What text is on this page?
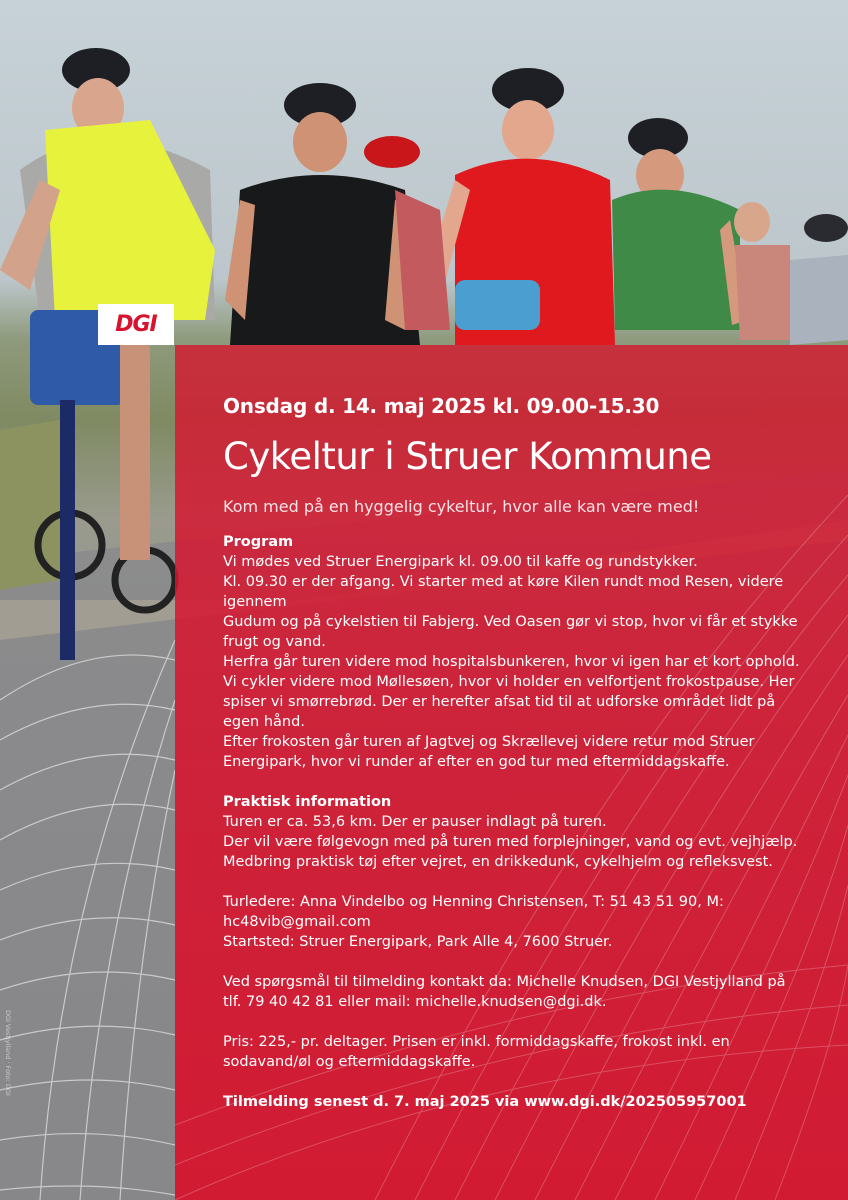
DGI

Onsdag d. 14. maj 2025 kl. 09.00-15.30

Cykeltur i Struer Kommune

Kom med på en hyggelig cykeltur, hvor alle kan være med!

Program

Vi mødes ved Struer Energipark kl. 09.00 til kaffe og rundstykker.

Kl. 09.30 er der afgang. Vi starter med at køre Kilen rundt mod Resen, videre igennem

Gudum og på cykelstien til Fabjerg. Ved Oasen gør vi stop, hvor vi får et stykke frugt og vand.

Herfra går turen videre mod hospitalsbunkeren, hvor vi igen har et kort ophold. Vi cykler videre mod Møllesøen, hvor vi holder en velfortjent frokostpause. Her spiser vi smørrebrød. Der er herefter afsat tid til at udforske området lidt på egen hånd.

Efter frokosten går turen af Jagtvej og Skrællevej videre retur mod Struer Energipark, hvor vi runder af efter en god tur med eftermiddagskaffe.

Praktisk information

Turen er ca. 53,6 km. Der er pauser indlagt på turen.

Der vil være følgevogn med på turen med forplejninger, vand og evt. vejhjælp.

Medbring praktisk tøj efter vejret, en drikkedunk, cykelhjelm og refleksvest.

Turledere: Anna Vindelbo og Henning Christensen, T: 51 43 51 90, M: hc48vib@gmail.com

Startsted: Struer Energipark, Park Alle 4, 7600 Struer.

Ved spørgsmål til tilmelding kontakt da: Michelle Knudsen, DGI Vestjylland på tlf. 79 40 42 81 eller mail: michelle.knudsen@dgi.dk.

Pris: 225,- pr. deltager. Prisen er inkl. formiddagskaffe, frokost inkl. en sodavand/øl og eftermiddagskaffe.

Tilmelding senest d. 7. maj 2025 via www.dgi.dk/202505957001

DGI Vestjylland · Foto: DGI
